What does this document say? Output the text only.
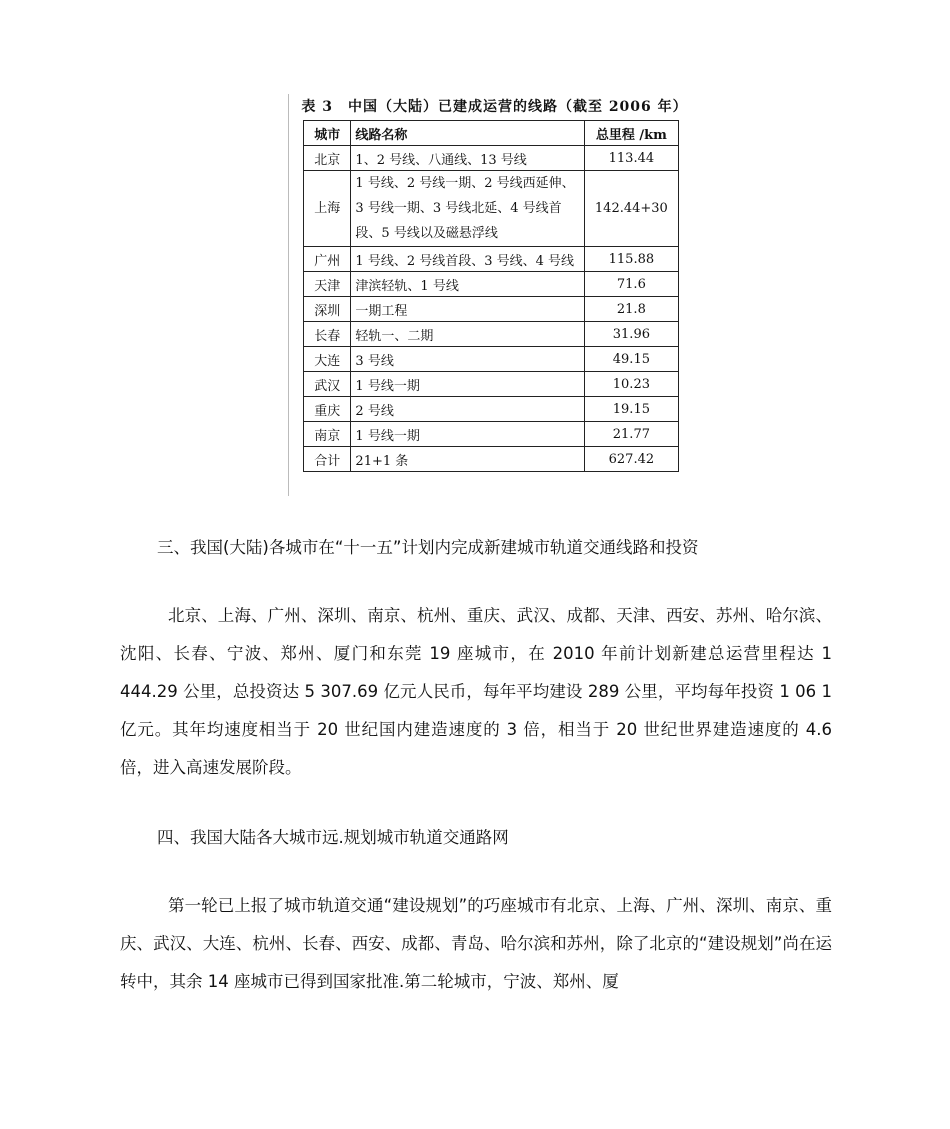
表 3　中国（大陆）已建成运营的线路（截至 2006 年）
城市	线路名称	总里程 /km
北京	1、2 号线、八通线、13 号线	113.44
上海	1 号线、2 号线一期、2 号线西延伸、3 号线一期、3 号线北延、4 号线首段、5 号线以及磁悬浮线	142.44+30
广州	1 号线、2 号线首段、3 号线、4 号线	115.88
天津	津滨轻轨、1 号线	71.6
深圳	一期工程	21.8
长春	轻轨一、二期	31.96
大连	3 号线	49.15
武汉	1 号线一期	10.23
重庆	2 号线	19.15
南京	1 号线一期	21.77
合计	21+1 条	627.42
三、我国(大陆)各城市在“十一五”计划内完成新建城市轨道交通线路和投资
北京、上海、广州、深圳、南京、杭州、重庆、武汉、成都、天津、西安、苏州、哈尔滨、沈阳、长春、宁波、郑州、厦门和东莞 19 座城市，在 2010 年前计划新建总运营里程达 1 444.29 公里，总投资达 5 307.69 亿元人民币，每年平均建设 289 公里，平均每年投资 1 06 1 亿元。其年均速度相当于 20 世纪国内建造速度的 3 倍，相当于 20 世纪世界建造速度的 4.6 倍，进入高速发展阶段。
四、我国大陆各大城市远.规划城市轨道交通路网
第一轮已上报了城市轨道交通“建设规划”的巧座城市有北京、上海、广州、深圳、南京、重庆、武汉、大连、杭州、长春、西安、成都、青岛、哈尔滨和苏州，除了北京的“建设规划”尚在运转中，其余 14 座城市已得到国家批准.第二轮城市，宁波、郑州、厦
